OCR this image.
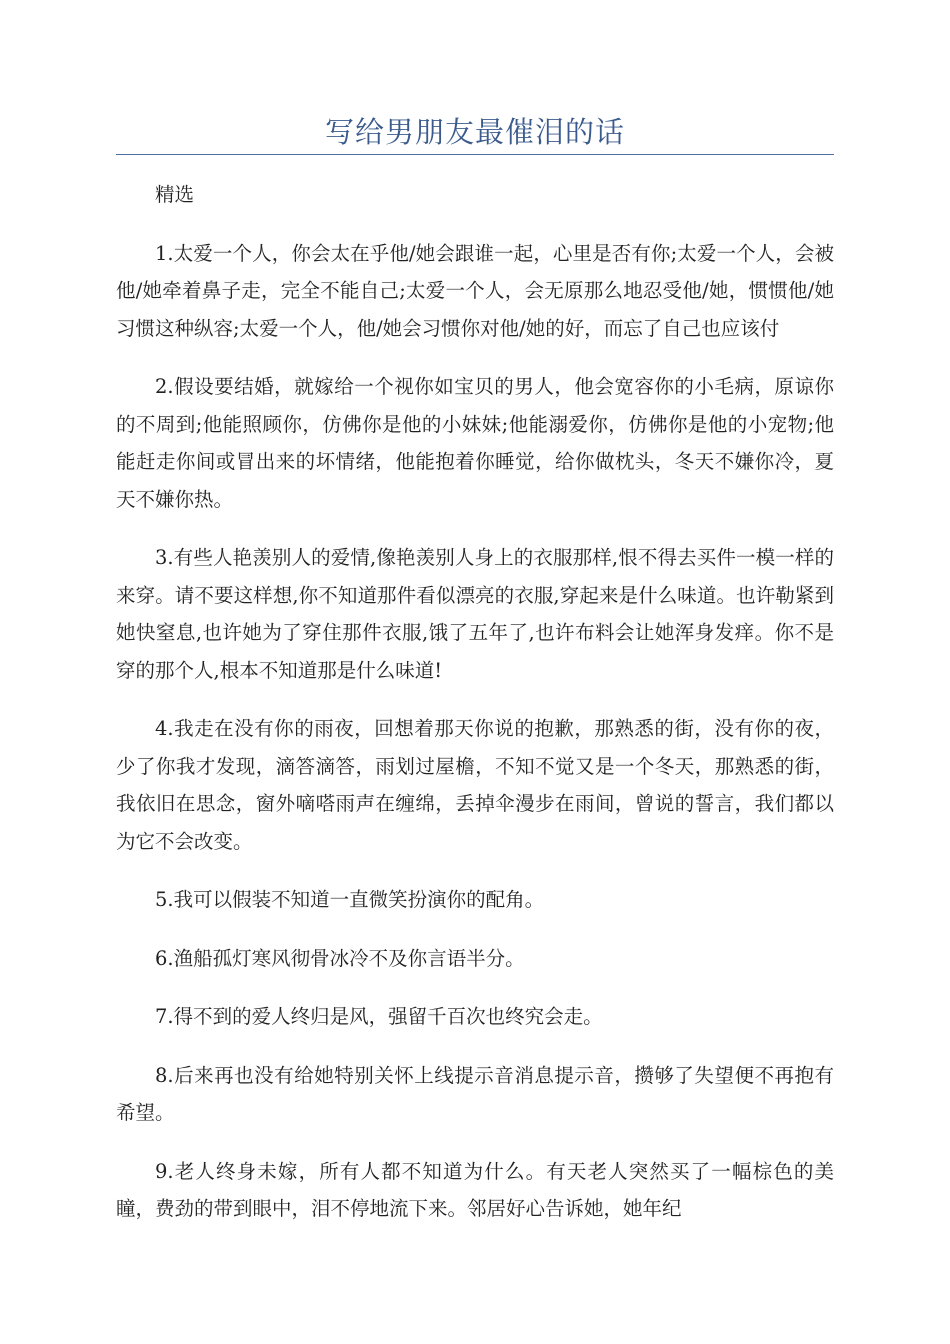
写给男朋友最催泪的话

精选

1.太爱一个人，你会太在乎他/她会跟谁一起，心里是否有你;太爱一个人，会被他/她牵着鼻子走，完全不能自己;太爱一个人，会无原那么地忍受他/她，惯惯他/她习惯这种纵容;太爱一个人，他/她会习惯你对他/她的好，而忘了自己也应该付

2.假设要结婚，就嫁给一个视你如宝贝的男人，他会宽容你的小毛病，原谅你的不周到;他能照顾你，仿佛你是他的小妹妹;他能溺爱你，仿佛你是他的小宠物;他能赶走你间或冒出来的坏情绪，他能抱着你睡觉，给你做枕头，冬天不嫌你冷，夏天不嫌你热。

3.有些人艳羡别人的爱情,像艳羡别人身上的衣服那样,恨不得去买件一模一样的来穿。请不要这样想,你不知道那件看似漂亮的衣服,穿起来是什么味道。也许勒紧到她快窒息,也许她为了穿住那件衣服,饿了五年了,也许布料会让她浑身发痒。你不是穿的那个人,根本不知道那是什么味道!

4.我走在没有你的雨夜，回想着那天你说的抱歉，那熟悉的街，没有你的夜，少了你我才发现，滴答滴答，雨划过屋檐，不知不觉又是一个冬天，那熟悉的街，我依旧在思念，窗外嘀嗒雨声在缠绵，丢掉伞漫步在雨间，曾说的誓言，我们都以为它不会改变。

5.我可以假装不知道一直微笑扮演你的配角。

6.渔船孤灯寒风彻骨冰冷不及你言语半分。

7.得不到的爱人终归是风，强留千百次也终究会走。

8.后来再也没有给她特别关怀上线提示音消息提示音，攒够了失望便不再抱有希望。

9.老人终身未嫁，所有人都不知道为什么。有天老人突然买了一幅棕色的美瞳，费劲的带到眼中，泪不停地流下来。邻居好心告诉她，她年纪
